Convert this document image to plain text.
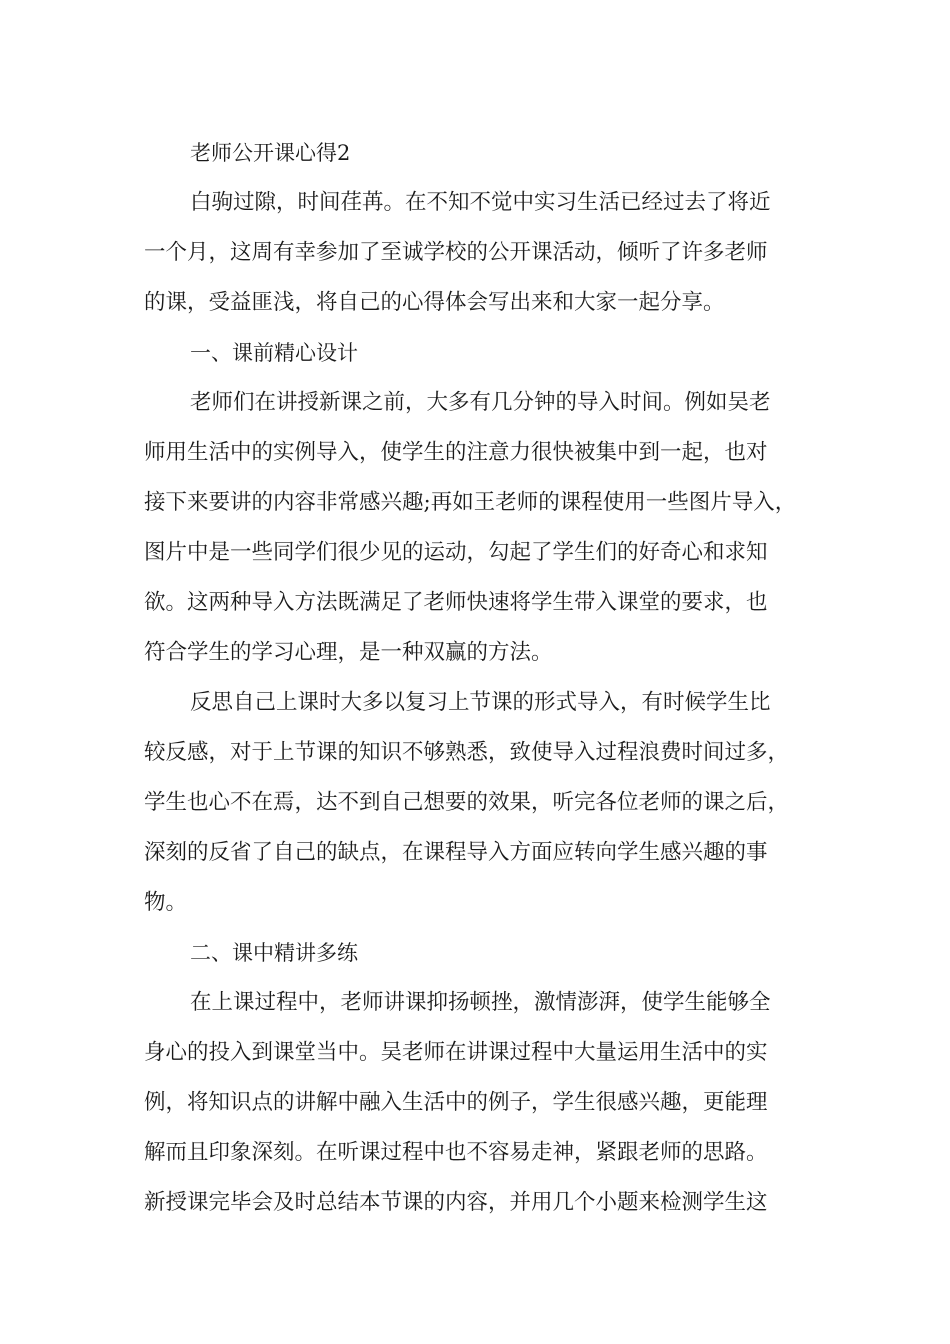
老师公开课心得2
白驹过隙，时间荏苒。在不知不觉中实习生活已经过去了将近
一个月，这周有幸参加了至诚学校的公开课活动，倾听了许多老师
的课，受益匪浅，将自己的心得体会写出来和大家一起分享。
一、课前精心设计
老师们在讲授新课之前，大多有几分钟的导入时间。例如吴老
师用生活中的实例导入，使学生的注意力很快被集中到一起，也对
接下来要讲的内容非常感兴趣;再如王老师的课程使用一些图片导入，
图片中是一些同学们很少见的运动，勾起了学生们的好奇心和求知
欲。这两种导入方法既满足了老师快速将学生带入课堂的要求，也
符合学生的学习心理，是一种双赢的方法。
反思自己上课时大多以复习上节课的形式导入，有时候学生比
较反感，对于上节课的知识不够熟悉，致使导入过程浪费时间过多，
学生也心不在焉，达不到自己想要的效果，听完各位老师的课之后，
深刻的反省了自己的缺点，在课程导入方面应转向学生感兴趣的事
物。
二、课中精讲多练
在上课过程中，老师讲课抑扬顿挫，激情澎湃，使学生能够全
身心的投入到课堂当中。吴老师在讲课过程中大量运用生活中的实
例，将知识点的讲解中融入生活中的例子，学生很感兴趣，更能理
解而且印象深刻。在听课过程中也不容易走神，紧跟老师的思路。
新授课完毕会及时总结本节课的内容，并用几个小题来检测学生这
